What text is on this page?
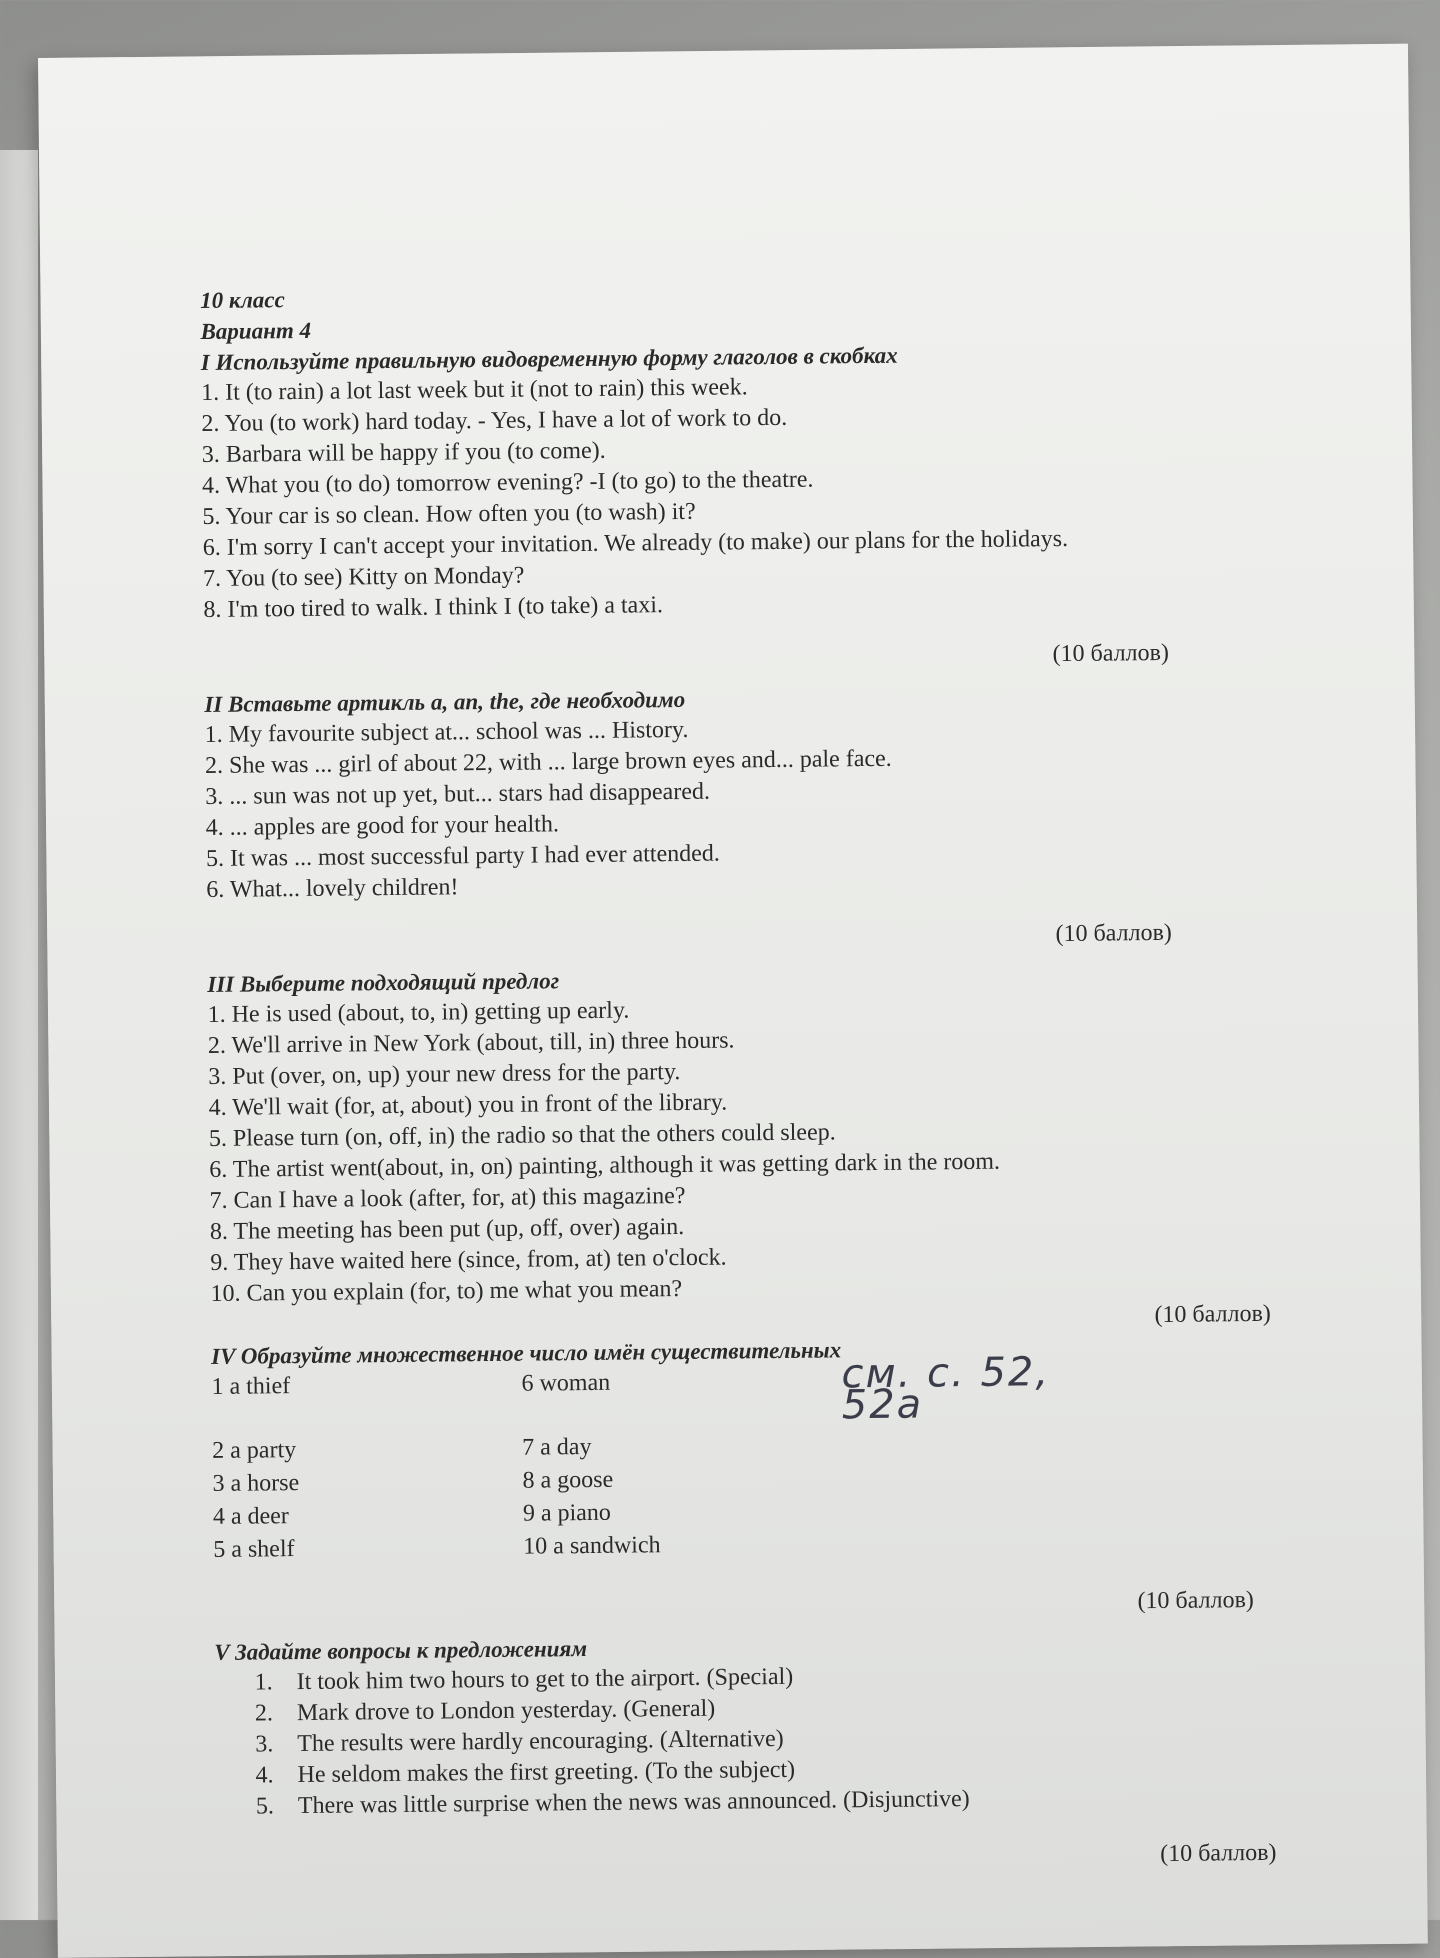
10 класс
Вариант 4
I Используйте правильную видовременную форму глаголов в скобках
1. It (to rain) a lot last week but it (not to rain) this week.
2. You (to work) hard today. - Yes, I have a lot of work to do.
3. Barbara will be happy if you (to come).
4. What you (to do) tomorrow evening? -I (to go) to the theatre.
5. Your car is so clean. How often you (to wash) it?
6. I'm sorry I can't accept your invitation. We already (to make) our plans for the holidays.
7. You (to see) Kitty on Monday?
8. I'm too tired to walk. I think I (to take) a taxi.
(10 баллов)
II Вставьте артикль a, an, the, где необходимо
1. My favourite subject at... school was ... History.
2. She was ... girl of about 22, with ... large brown eyes and... pale face.
3. ... sun was not up yet, but... stars had disappeared.
4. ... apples are good for your health.
5. It was ... most successful party I had ever attended.
6. What... lovely children!
(10 баллов)
III Выберите подходящий предлог
1. He is used (about, to, in) getting up early.
2. We'll arrive in New York (about, till, in) three hours.
3. Put (over, on, up) your new dress for the party.
4. We'll wait (for, at, about) you in front of the library.
5. Please turn (on, off, in) the radio so that the others could sleep.
6. The artist went(about, in, on) painting, although it was getting dark in the room.
7. Can I have a look (after, for, at) this magazine?
8. The meeting has been put (up, off, over) again.
9. They have waited here (since, from, at) ten o'clock.
10. Can you explain (for, to) me what you mean?
(10 баллов)
IV Образуйте множественное число имён существительных
1 a thief	6 woman	см. с. 52, 52а
2 a party	7 a day
3 a horse	8 a goose
4 a deer	9 a piano
5 a shelf	10 a sandwich
(10 баллов)
V Задайте вопросы к предложениям
1. It took him two hours to get to the airport. (Special)
2. Mark drove to London yesterday. (General)
3. The results were hardly encouraging. (Alternative)
4. He seldom makes the first greeting. (To the subject)
5. There was little surprise when the news was announced. (Disjunctive)
(10 баллов)
